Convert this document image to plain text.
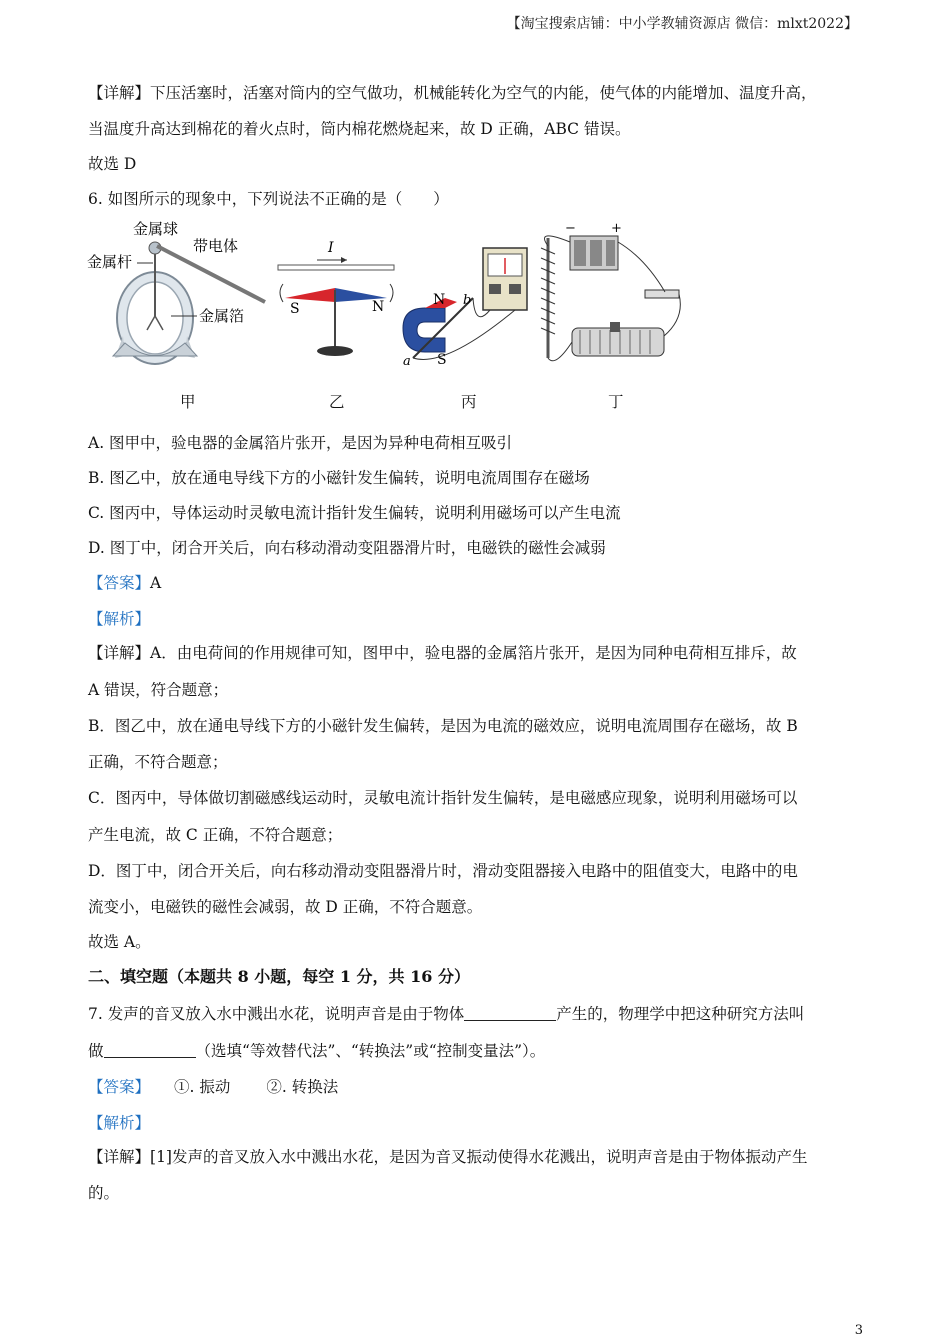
【淘宝搜索店铺：中小学教辅资源店 微信：mlxt2022】
【详解】下压活塞时，活塞对筒内的空气做功，机械能转化为空气的内能，使气体的内能增加、温度升高，
当温度升高达到棉花的着火点时，筒内棉花燃烧起来，故 D 正确，ABC 错误。
故选 D
6. 如图所示的现象中，下列说法不正确的是（　　）
金属球
金属杆
带电体
金属箔
I
S	N	N
S
a
b
−	+
甲	乙	丙	丁
A. 图甲中，验电器的金属箔片张开，是因为异种电荷相互吸引
B. 图乙中，放在通电导线下方的小磁针发生偏转，说明电流周围存在磁场
C. 图丙中，导体运动时灵敏电流计指针发生偏转，说明利用磁场可以产生电流
D. 图丁中，闭合开关后，向右移动滑动变阻器滑片时，电磁铁的磁性会减弱
【答案】A
【解析】
【详解】A．由电荷间的作用规律可知，图甲中，验电器的金属箔片张开，是因为同种电荷相互排斥，故
A 错误，符合题意；
B．图乙中，放在通电导线下方的小磁针发生偏转，是因为电流的磁效应，说明电流周围存在磁场，故 B
正确，不符合题意；
C．图丙中，导体做切割磁感线运动时，灵敏电流计指针发生偏转，是电磁感应现象，说明利用磁场可以
产生电流，故 C 正确，不符合题意；
D．图丁中，闭合开关后，向右移动滑动变阻器滑片时，滑动变阻器接入电路中的阻值变大，电路中的电
流变小，电磁铁的磁性会减弱，故 D 正确，不符合题意。
故选 A。
二、填空题（本题共 8 小题，每空 1 分，共 16 分）
7. 发声的音叉放入水中溅出水花，说明声音是由于物体	产生的，物理学中把这种研究方法叫
做	（选填“等效替代法”、“转换法”或“控制变量法”）。
【答案】 ①. 振动 ②. 转换法
【解析】
【详解】[1]发声的音叉放入水中溅出水花，是因为音叉振动使得水花溅出，说明声音是由于物体振动产生
的。
3
